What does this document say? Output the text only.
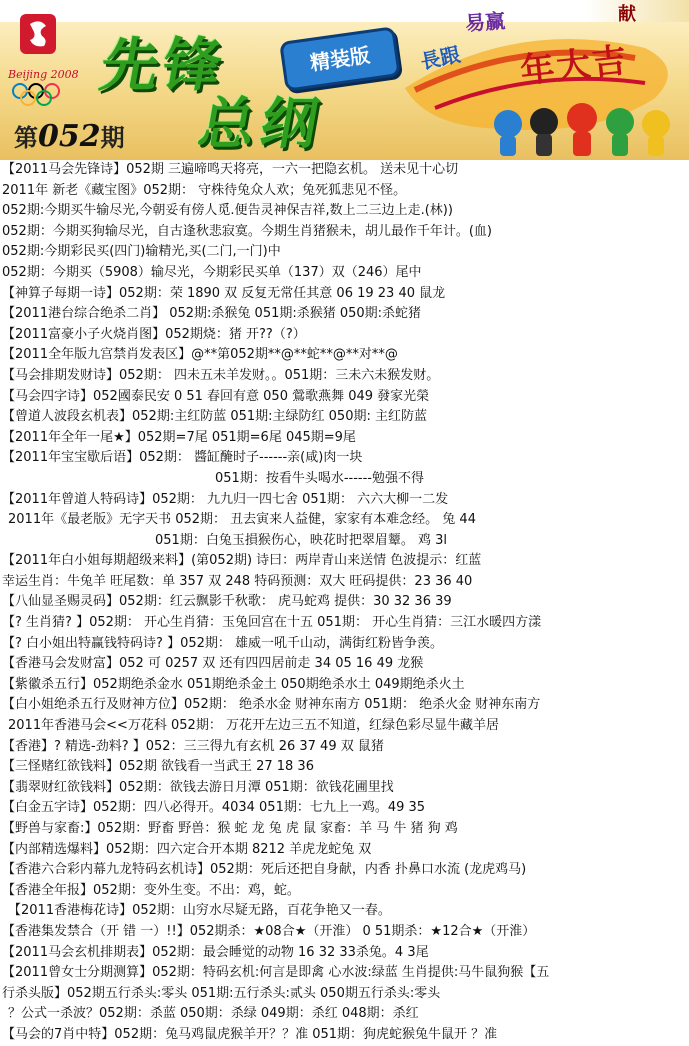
Beijing 2008 先锋
总纲
精装版
第052期
易赢	献
長跟 年大吉
【2011马会先锋诗】052期 三遍啼鸣天将亮，一六一把隐玄机。 送未见十心切
2011年 新老《藏宝图》052期： 守株待兔众人欢；兔死狐悲见不怪。
052期:今期买牛输尽光,今朝妥有傍人觅.便告灵神保吉祥,数上二三边上走.(林))
052期：今期买狗输尽光，自古逢秋悲寂寞。今期生肖猪猴未，胡儿最作千年计。(血)
052期:今期彩民买(四门)输精光,买(二门,一门)中
052期：今期买（5908）输尽光，今期彩民买单（137）双（246）尾中
【神算子每期一诗】052期：荣 1890 双 反复无常任其意 06 19 23 40 鼠龙
【2011港台综合绝杀二肖】 052期:杀猴兔 051期:杀猴猪 050期:杀蛇猪
【2011富豪小子火烧肖图】052期烧：猪 开??（?）
【2011全年版九宫禁肖发表区】@**第052期**@**蛇**@**对**@
【马会排期发财诗】052期： 四未五未羊发财。。051期：三未六未猴发财。
【马会四字诗】052國泰民安 0 51 春回有意 050 鶯歌燕舞 049 發家光榮
【曾道人波段玄机表】052期:主红防蓝 051期:主绿防红 050期: 主红防蓝
【2011年全年一尾★】052期=7尾 051期=6尾 045期=9尾
【2011年宝宝歇后语】052期： 醬缸醃时子------亲(咸)肉一块
051期：按看牛头喝水------勉强不得
【2011年曾道人特码诗】052期： 九九归一四七舍 051期： 六六大柳一二发
2011年《最老版》无字天书 052期： 丑去寅来人益健，家家有本难念经。 兔 44
051期：白兔玉損猴伤心，映花时把翠眉颦。 鸡 3l
【2011年白小姐每期超级来料】(第052期) 诗曰：两岸青山来送情 色波提示：红蓝
幸运生肖：牛兔羊 旺尾数：单 357 双 248 特码预测：双大 旺码提供：23 36 40
【八仙显圣赐灵码】052期：红云飘影千秋歌： 虎马蛇鸡 提供：30 32 36 39
【? 生肖猜? 】052期： 开心生肖猜：玉兔回宫在十五 051期： 开心生肖猜：三江水暖四方漾
【? 白小姐出特赢钱特码诗? 】052期： 雄威一吼千山动，满街红粉皆争羡。
【香港马会发财富】052 可 0257 双 还有四四居前走 34 05 16 49 龙猴
【紫徽杀五行】052期绝杀金水 051期绝杀金土 050期绝杀水土 049期绝杀火土
【白小姐绝杀五行及财神方位】052期： 绝杀水金 财神东南方 051期： 绝杀火金 财神东南方
2011年香港马会<<万花科 052期： 万花开左边三五不知道，红绿色彩尽显牛藏羊居
【香港】? 精选-劲料? 】052：三三得九有玄机 26 37 49 双 鼠猪
【三怪赌红欲钱料】052期 欲钱看一当武王 27 18 36
【翡翠财红欲钱料】052期：欲钱去游日月潭 051期：欲钱花圃里找
【白金五字诗】052期：四八必得开。4034 051期：七九上一鸡。49 35
【野兽与家畜:】052期：野畜 野兽：猴 蛇 龙 兔 虎 鼠 家畜：羊 马 牛 猪 狗 鸡
【内部精选爆料】052期：四六定合开本期 8212 羊虎龙蛇兔 双
【香港六合彩内幕九龙特码玄机诗】052期：死后还把自身献，内香 扑鼻口水流 (龙虎鸡马)
【香港全年报】052期：变外生变。不出：鸡，蛇。
【2011香港梅花诗】052期：山穷水尽疑无路，百花争艳又一春。
【香港集发禁合（开 错 一）!!】052期杀：★08合★（开淮） 0 51期杀：★12合★（开淮）
【2011马会玄机排期表】052期：最会睡觉的动物 16 32 33杀兔。4 3尾
【2011曾女士分期测算】052期：特码玄机:何言是即禽 心水波:绿蓝 生肖提供:马牛鼠狗猴【五
行杀头版】052期五行杀头:零头 051期:五行杀头:贰头 050期五行杀头:零头
？公式一杀波？052期：杀蓝 050期：杀绿 049期：杀红 048期：杀红
【马会的7肖中特】052期：兔马鸡鼠虎猴羊开？？准 051期：狗虎蛇猴兔牛鼠开 ？准
